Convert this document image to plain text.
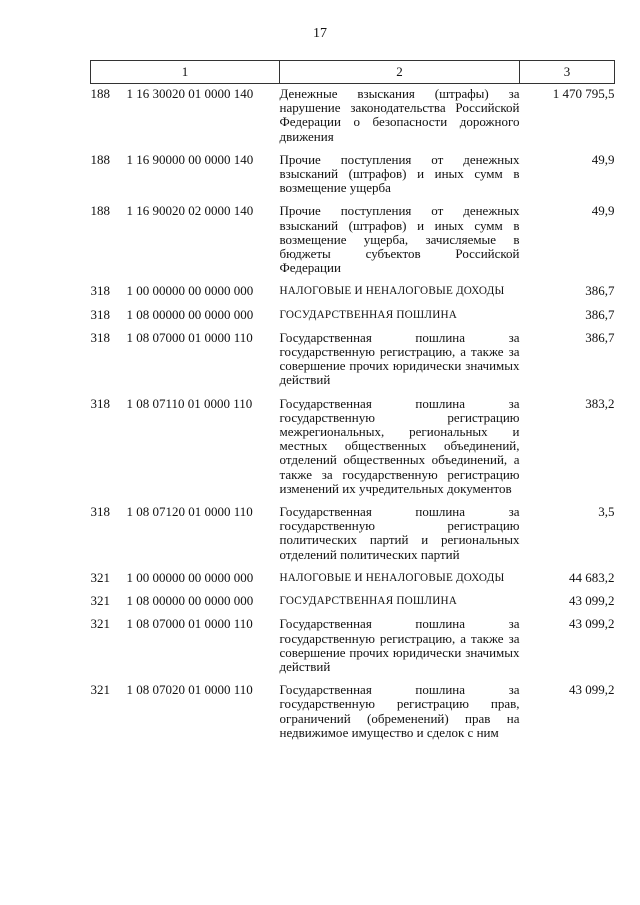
17
1		2	3
188	1 16 30020 01 0000 140	Денежные взыскания (штрафы) за нарушение законодательства Российской Федерации о безопасности дорожного движения	1 470 795,5
188	1 16 90000 00 0000 140	Прочие поступления от денежных взысканий (штрафов) и иных сумм в возмещение ущерба	49,9
188	1 16 90020 02 0000 140	Прочие поступления от денежных взысканий (штрафов) и иных сумм в возмещение ущерба, зачисляемые в бюджеты субъектов Российской Федерации	49,9
318	1 00 00000 00 0000 000	НАЛОГОВЫЕ И НЕНАЛОГОВЫЕ ДОХОДЫ	386,7
318	1 08 00000 00 0000 000	ГОСУДАРСТВЕННАЯ ПОШЛИНА	386,7
318	1 08 07000 01 0000 110	Государственная пошлина за государственную регистрацию, а также за совершение прочих юридически значимых действий	386,7
318	1 08 07110 01 0000 110	Государственная пошлина за государственную регистрацию межрегиональных, региональных и местных общественных объединений, отделений общественных объединений, а также за государственную регистрацию изменений их учредительных документов	383,2
318	1 08 07120 01 0000 110	Государственная пошлина за государственную регистрацию политических партий и региональных отделений политических партий	3,5
321	1 00 00000 00 0000 000	НАЛОГОВЫЕ И НЕНАЛОГОВЫЕ ДОХОДЫ	44 683,2
321	1 08 00000 00 0000 000	ГОСУДАРСТВЕННАЯ ПОШЛИНА	43 099,2
321	1 08 07000 01 0000 110	Государственная пошлина за государственную регистрацию, а также за совершение прочих юридически значимых действий	43 099,2
321	1 08 07020 01 0000 110	Государственная пошлина за государственную регистрацию прав, ограничений (обременений) прав на недвижимое имущество и сделок с ним	43 099,2
